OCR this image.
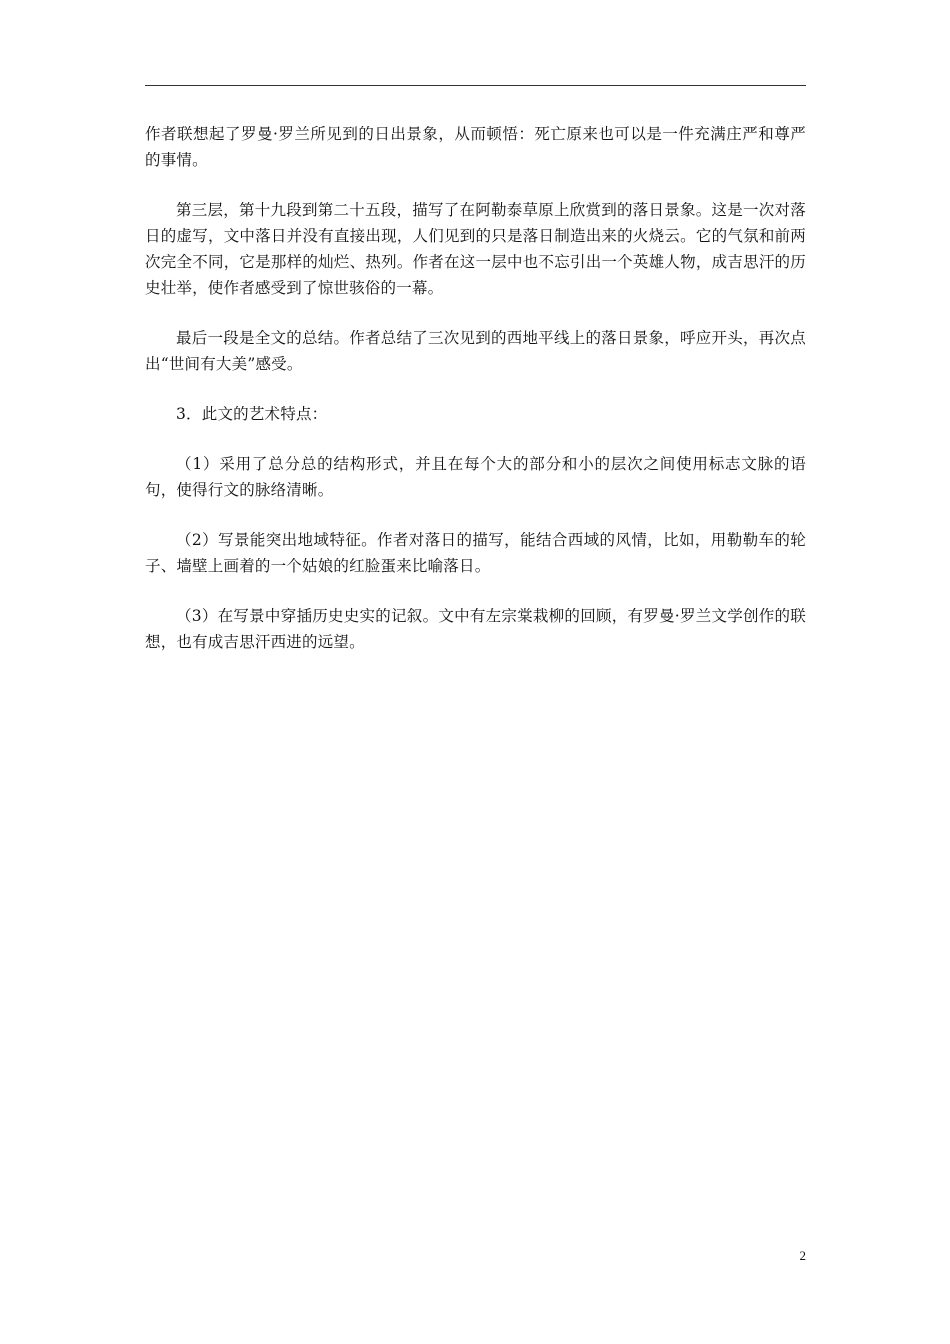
作者联想起了罗曼·罗兰所见到的日出景象，从而顿悟：死亡原来也可以是一件充满庄严和尊严的事情。

第三层，第十九段到第二十五段，描写了在阿勒泰草原上欣赏到的落日景象。这是一次对落日的虚写，文中落日并没有直接出现，人们见到的只是落日制造出来的火烧云。它的气氛和前两次完全不同，它是那样的灿烂、热列。作者在这一层中也不忘引出一个英雄人物，成吉思汗的历史壮举，使作者感受到了惊世骇俗的一幕。

最后一段是全文的总结。作者总结了三次见到的西地平线上的落日景象，呼应开头，再次点出“世间有大美”感受。

3．此文的艺术特点：

（1）采用了总分总的结构形式，并且在每个大的部分和小的层次之间使用标志文脉的语句，使得行文的脉络清晰。

（2）写景能突出地域特征。作者对落日的描写，能结合西域的风情，比如，用勒勒车的轮子、墙壁上画着的一个姑娘的红脸蛋来比喻落日。

（3）在写景中穿插历史史实的记叙。文中有左宗棠栽柳的回顾，有罗曼·罗兰文学创作的联想，也有成吉思汗西进的远望。

2
